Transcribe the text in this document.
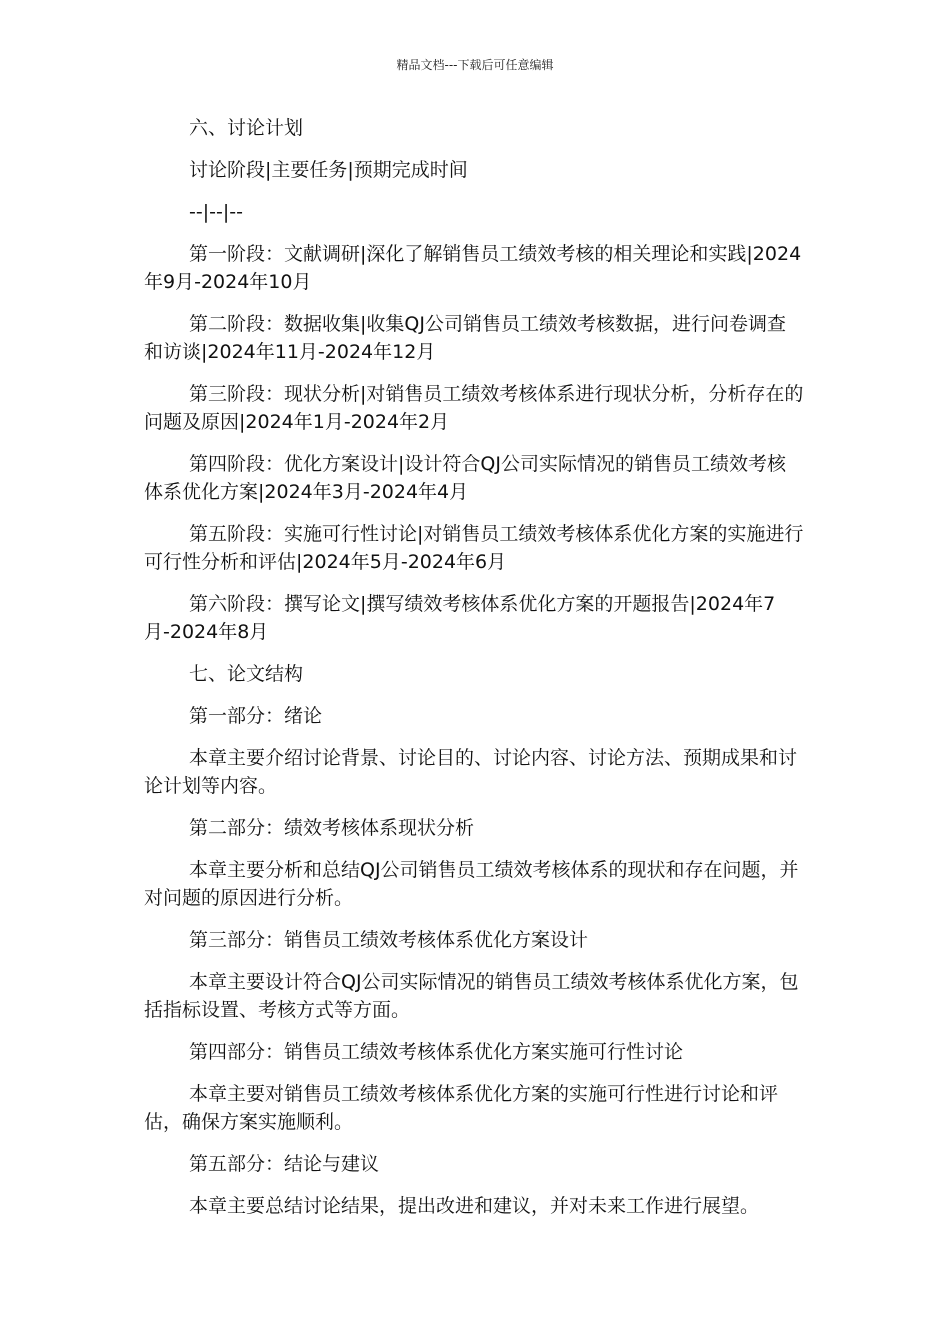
精品文档---下载后可任意编辑

六、讨论计划

讨论阶段|主要任务|预期完成时间

--|--|--

第一阶段：文献调研|深化了解销售员工绩效考核的相关理论和实践|2024年9月-2024年10月

第二阶段：数据收集|收集QJ公司销售员工绩效考核数据，进行问卷调查和访谈|2024年11月-2024年12月

第三阶段：现状分析|对销售员工绩效考核体系进行现状分析，分析存在的问题及原因|2024年1月-2024年2月

第四阶段：优化方案设计|设计符合QJ公司实际情况的销售员工绩效考核体系优化方案|2024年3月-2024年4月

第五阶段：实施可行性讨论|对销售员工绩效考核体系优化方案的实施进行可行性分析和评估|2024年5月-2024年6月

第六阶段：撰写论文|撰写绩效考核体系优化方案的开题报告|2024年7月-2024年8月

七、论文结构

第一部分：绪论

本章主要介绍讨论背景、讨论目的、讨论内容、讨论方法、预期成果和讨论计划等内容。

第二部分：绩效考核体系现状分析

本章主要分析和总结QJ公司销售员工绩效考核体系的现状和存在问题，并对问题的原因进行分析。

第三部分：销售员工绩效考核体系优化方案设计

本章主要设计符合QJ公司实际情况的销售员工绩效考核体系优化方案，包括指标设置、考核方式等方面。

第四部分：销售员工绩效考核体系优化方案实施可行性讨论

本章主要对销售员工绩效考核体系优化方案的实施可行性进行讨论和评估，确保方案实施顺利。

第五部分：结论与建议

本章主要总结讨论结果，提出改进和建议，并对未来工作进行展望。
